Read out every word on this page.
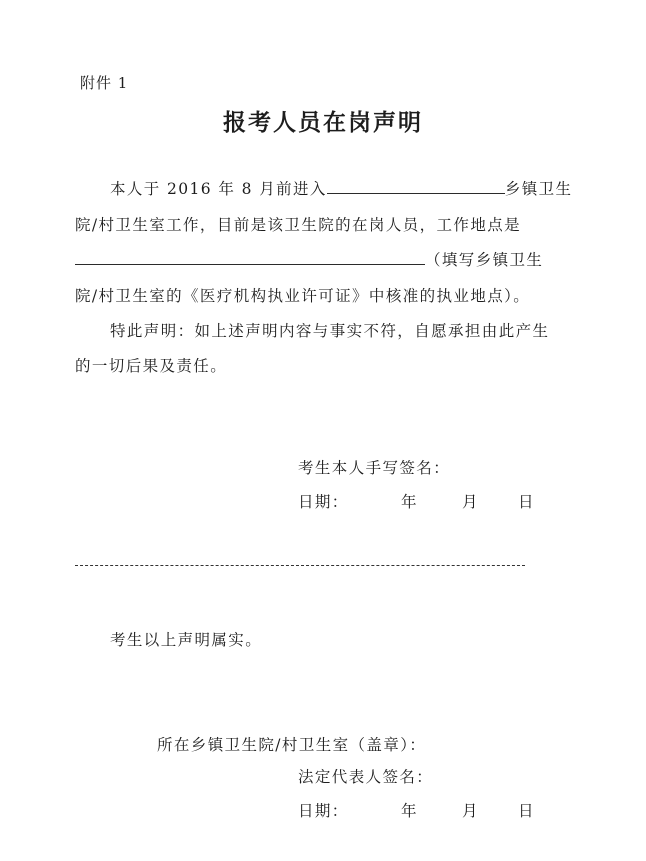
附件 1
报考人员在岗声明
本人于 2016 年 8 月前进入	乡镇卫生
院/村卫生室工作，目前是该卫生院的在岗人员，工作地点是
（填写乡镇卫生
院/村卫生室的《医疗机构执业许可证》中核准的执业地点）。
特此声明：如上述声明内容与事实不符，自愿承担由此产生
的一切后果及责任。
考生本人手写签名：
日期：	年	月	日
考生以上声明属实。
所在乡镇卫生院/村卫生室（盖章）：
法定代表人签名：
日期：	年	月	日
